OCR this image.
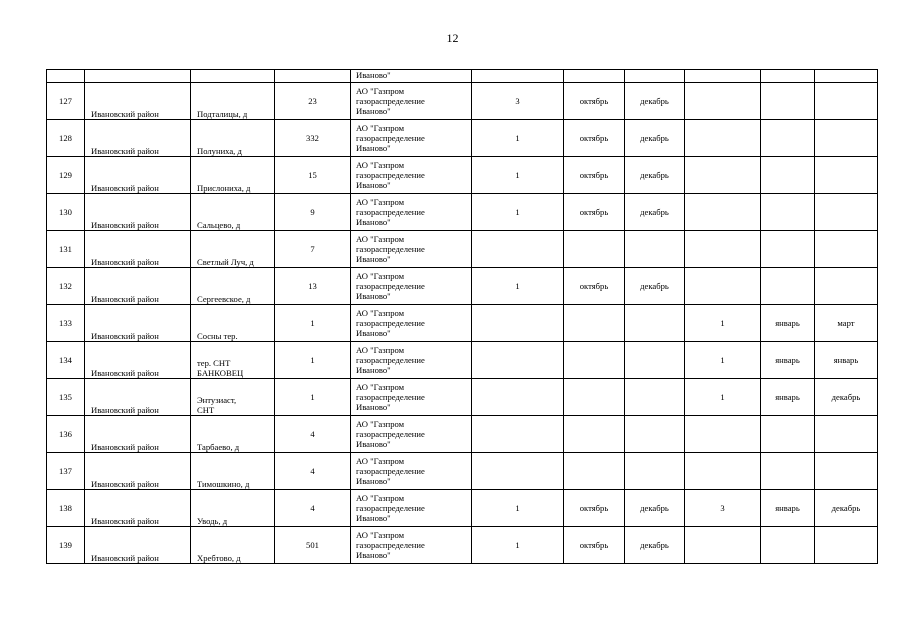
12
				Иваново"						
127	Ивановский район	Подталицы, д	23	АО "Газпром
газораспределение
Иваново"	3	октябрь	декабрь			
128	Ивановский район	Полуниха, д	332	АО "Газпром
газораспределение
Иваново"	1	октябрь	декабрь			
129	Ивановский район	Прислониха, д	15	АО "Газпром
газораспределение
Иваново"	1	октябрь	декабрь			
130	Ивановский район	Сальцево, д	9	АО "Газпром
газораспределение
Иваново"	1	октябрь	декабрь			
131	Ивановский район	Светлый Луч, д	7	АО "Газпром
газораспределение
Иваново"						
132	Ивановский район	Сергеевское, д	13	АО "Газпром
газораспределение
Иваново"	1	октябрь	декабрь			
133	Ивановский район	Сосны тер.	1	АО "Газпром
газораспределение
Иваново"				1	январь	март
134	Ивановский район	тер. СНТ
БАНКОВЕЦ	1	АО "Газпром
газораспределение
Иваново"				1	январь	январь
135	Ивановский район	Энтузиаст,
СНТ	1	АО "Газпром
газораспределение
Иваново"				1	январь	декабрь
136	Ивановский район	Тарбаево, д	4	АО "Газпром
газораспределение
Иваново"						
137	Ивановский район	Тимошкино, д	4	АО "Газпром
газораспределение
Иваново"						
138	Ивановский район	Уводь, д	4	АО "Газпром
газораспределение
Иваново"	1	октябрь	декабрь	3	январь	декабрь
139	Ивановский район	Хребтово, д	501	АО "Газпром
газораспределение
Иваново"	1	октябрь	декабрь			
